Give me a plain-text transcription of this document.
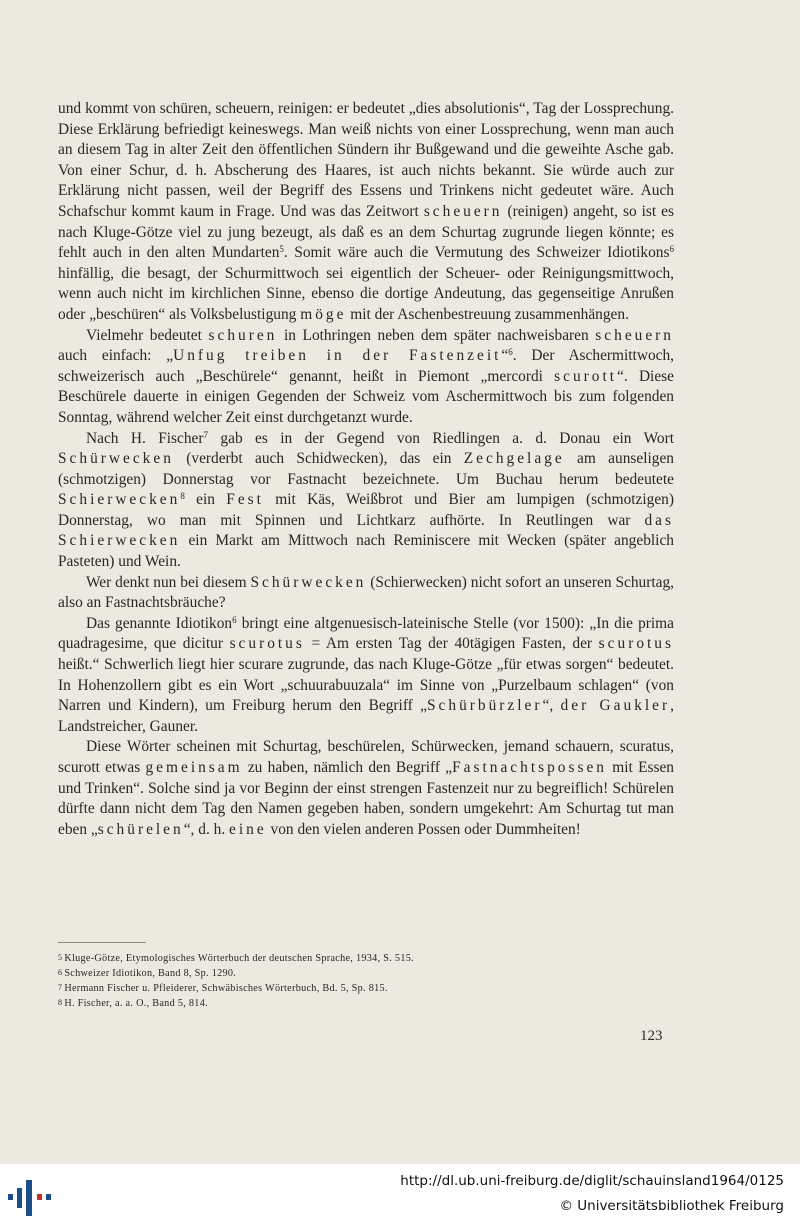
und kommt von schüren, scheuern, reinigen: er bedeutet „dies absolutionis“, Tag der Lossprechung. Diese Erklärung befriedigt keineswegs. Man weiß nichts von einer Lossprechung, wenn man auch an diesem Tag in alter Zeit den öffentlichen Sündern ihr Bußgewand und die geweihte Asche gab. Von einer Schur, d. h. Abscherung des Haares, ist auch nichts bekannt. Sie würde auch zur Erklärung nicht passen, weil der Begriff des Essens und Trinkens nicht gedeutet wäre. Auch Schafschur kommt kaum in Frage. Und was das Zeitwort scheuern (reinigen) angeht, so ist es nach Kluge-Götze viel zu jung bezeugt, als daß es an dem Schurtag zugrunde liegen könnte; es fehlt auch in den alten Mundarten$^5$. Somit wäre auch die Vermutung des Schweizer Idiotikons$^6$ hinfällig, die besagt, der Schurmittwoch sei eigentlich der Scheuer- oder Reinigungsmittwoch, wenn auch nicht im kirchlichen Sinne, ebenso die dortige Andeutung, das gegenseitige Anrußen oder „beschüren“ als Volksbelustigung möge mit der Aschenbestreuung zusammenhängen.

Vielmehr bedeutet schuren in Lothringen neben dem später nachweisbaren scheuern auch einfach: „Unfug treiben in der Fastenzeit“$^6$. Der Aschermittwoch, schweizerisch auch „Beschürele“ genannt, heißt in Piemont „mercordi scurott“. Diese Beschürele dauerte in einigen Gegenden der Schweiz vom Aschermittwoch bis zum folgenden Sonntag, während welcher Zeit einst durchgetanzt wurde.

Nach H. Fischer$^7$ gab es in der Gegend von Riedlingen a. d. Donau ein Wort Schürwecken (verderbt auch Schidwecken), das ein Zechgelage am aunseligen (schmotzigen) Donnerstag vor Fastnacht bezeichnete. Um Buchau herum bedeutete Schierwecken$^8$ ein Fest mit Käs, Weißbrot und Bier am lumpigen (schmotzigen) Donnerstag, wo man mit Spinnen und Lichtkarz aufhörte. In Reutlingen war das Schierwecken ein Markt am Mittwoch nach Reminiscere mit Wecken (später angeblich Pasteten) und Wein.

Wer denkt nun bei diesem Schürwecken (Schierwecken) nicht sofort an unseren Schurtag, also an Fastnachtsbräuche?

Das genannte Idiotikon$^6$ bringt eine altgenuesisch-lateinische Stelle (vor 1500): „In die prima quadragesime, que dicitur scurotus = Am ersten Tag der 40tägigen Fasten, der scurotus heißt.“ Schwerlich liegt hier scurare zugrunde, das nach Kluge-Götze „für etwas sorgen“ bedeutet. In Hohenzollern gibt es ein Wort „schuurabuuzala“ im Sinne von „Purzelbaum schlagen“ (von Narren und Kindern), um Freiburg herum den Begriff „Schürbürzler“, der Gaukler, Landstreicher, Gauner.

Diese Wörter scheinen mit Schurtag, beschürelen, Schürwecken, jemand schauern, scuratus, scurott etwas gemeinsam zu haben, nämlich den Begriff „Fastnachtspossen mit Essen und Trinken“. Solche sind ja vor Beginn der einst strengen Fastenzeit nur zu begreiflich! Schürelen dürfte dann nicht dem Tag den Namen gegeben haben, sondern umgekehrt: Am Schurtag tut man eben „schürelen“, d. h. eine von den vielen anderen Possen oder Dummheiten!

5 Kluge-Götze, Etymologisches Wörterbuch der deutschen Sprache, 1934, S. 515.
6 Schweizer Idiotikon, Band 8, Sp. 1290.
7 Hermann Fischer u. Pfleiderer, Schwäbisches Wörterbuch, Bd. 5, Sp. 815.
8 H. Fischer, a. a. O., Band 5, 814.
123
http://dl.ub.uni-freiburg.de/diglit/schauinsland1964/0125
© Universitätsbibliothek Freiburg
